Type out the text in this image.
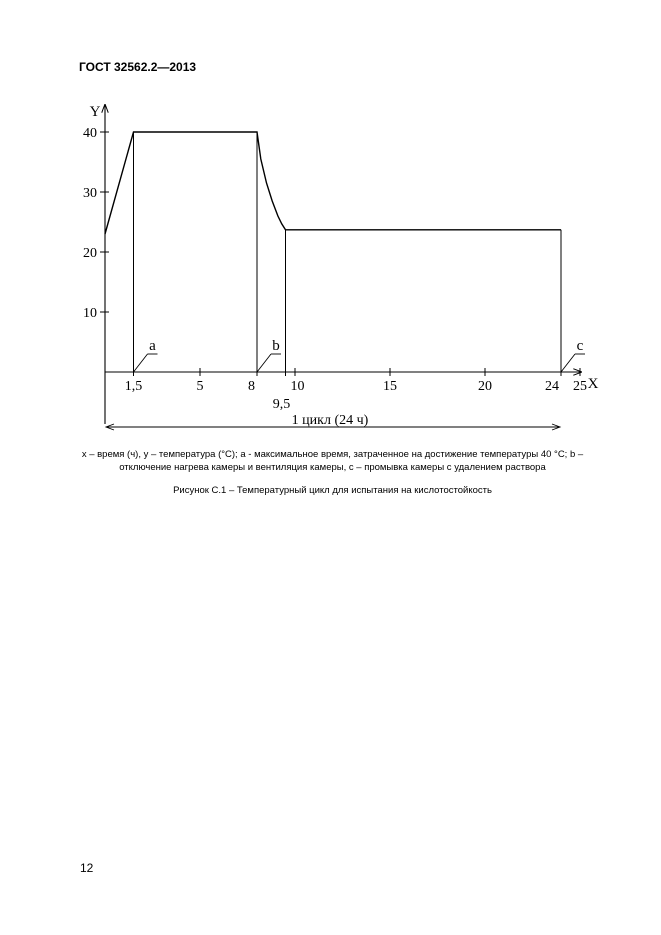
ГОСТ 32562.2—2013
10
20
30
40
1,5	5	8
9,5
10	15	20	24 25
a	b	c
1 цикл (24 ч)
Y
X
x – время (ч), y – температура (°С); a - максимальное время, затраченное на достижение температуры 40 °С; b – отключение нагрева камеры и вентиляция камеры, c – промывка камеры с удалением раствора
Рисунок С.1 – Температурный цикл для испытания на кислотостойкость
12
